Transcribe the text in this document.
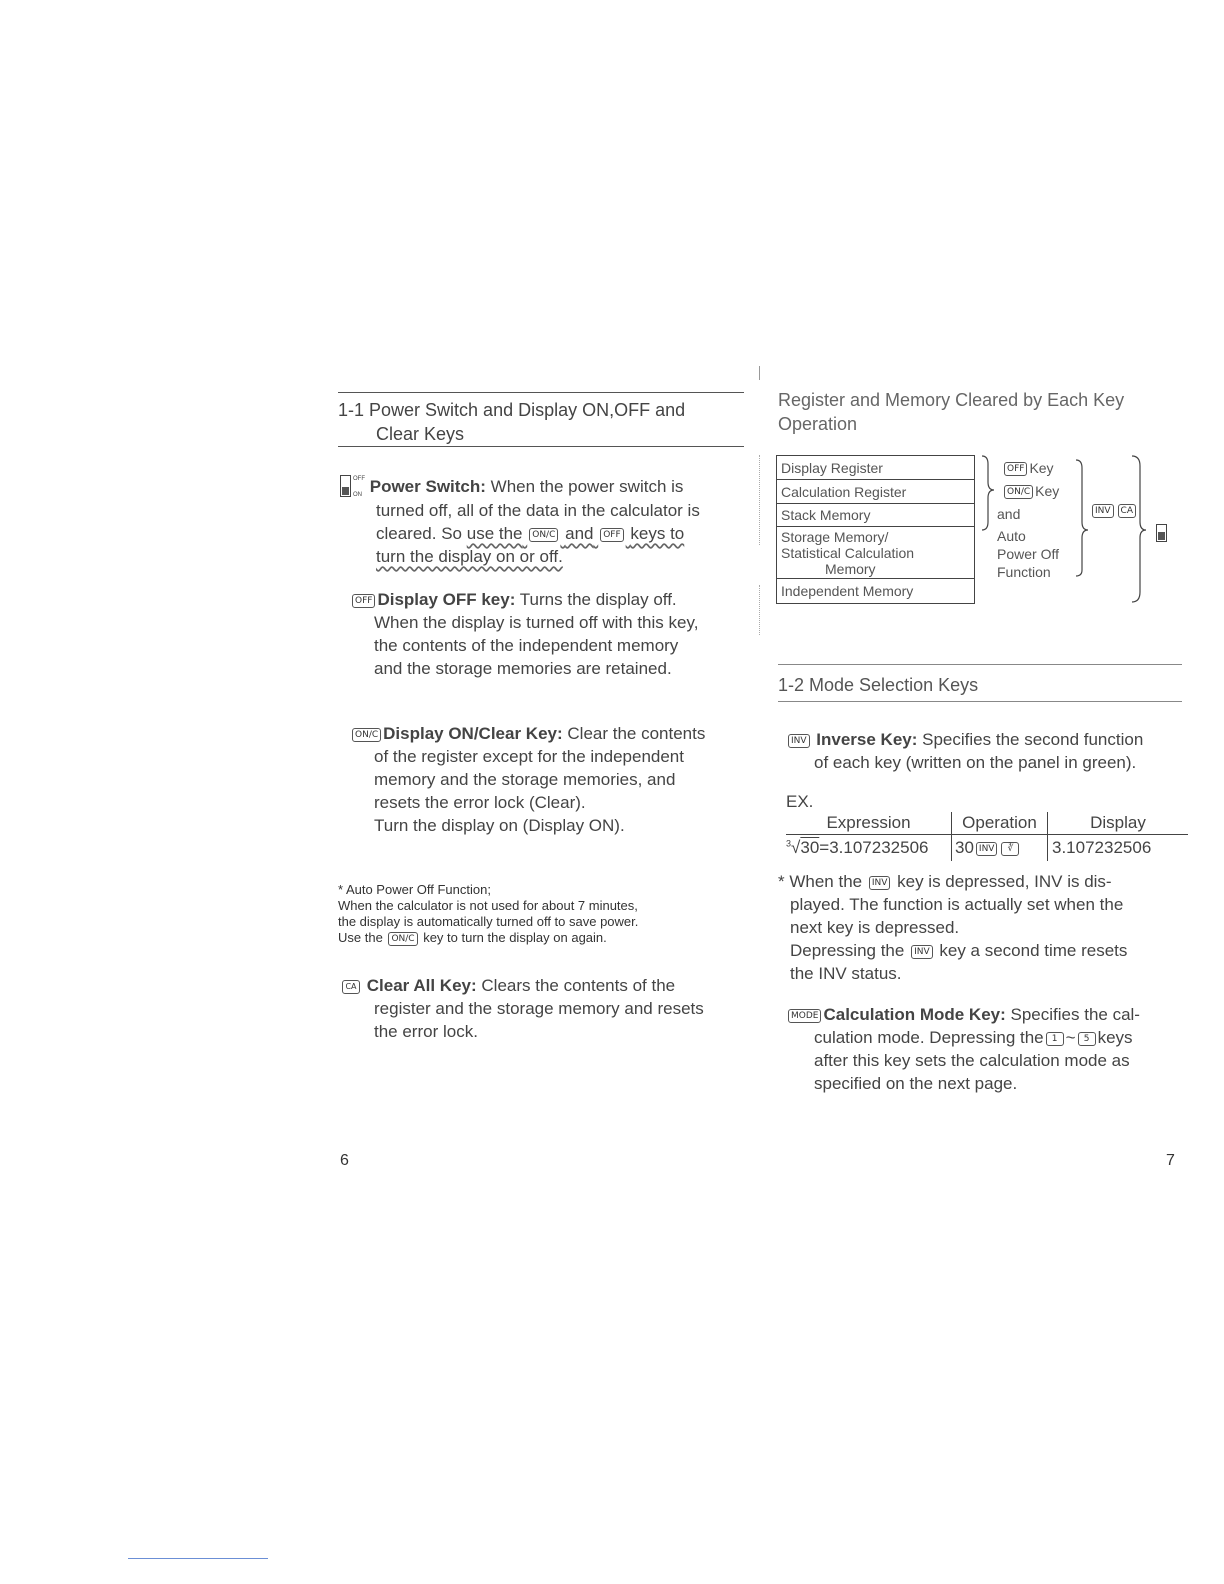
1-1 Power Switch and Display ON,OFF and
Clear Keys
OFF

ON Power Switch: When the power switch is
turned off, all of the data in the calculator is
cleared. So use the ON/C and OFF keys to
turn the display on or off.
OFF Display OFF key: Turns the display off.
When the display is turned off with this key,
the contents of the independent memory
and the storage memories are retained.
ON/C Display ON/Clear Key: Clear the contents
of the register except for the independent
memory and the storage memories, and
resets the error lock (Clear).
Turn the display on (Display ON).
* Auto Power Off Function;
When the calculator is not used for about 7 minutes,
the display is automatically turned off to save power.
Use the ON/C key to turn the display on again.
CA Clear All Key: Clears the contents of the
register and the storage memory and resets
the error lock.
6
Register and Memory Cleared by Each Key
Operation
Display Register
Calculation Register
Stack Memory
Storage Memory/
Statistical Calculation
Memory
Independent Memory
OFF Key
ON/C Key
and
Auto
Power Off
Function
INV CA
1-2 Mode Selection Keys
INV Inverse Key: Specifies the second function
of each key (written on the panel in green).
EX.
Expression	Operation	Display
$^3$√30=3.107232506	30 INV ∛	3.107232506
* When the INV key is depressed, INV is dis-
played. The function is actually set when the
next key is depressed.
Depressing the INV key a second time resets
the INV status.
MODE Calculation Mode Key: Specifies the cal-
culation mode. Depressing the 1 ~ 5 keys
after this key sets the calculation mode as
specified on the next page.
7
